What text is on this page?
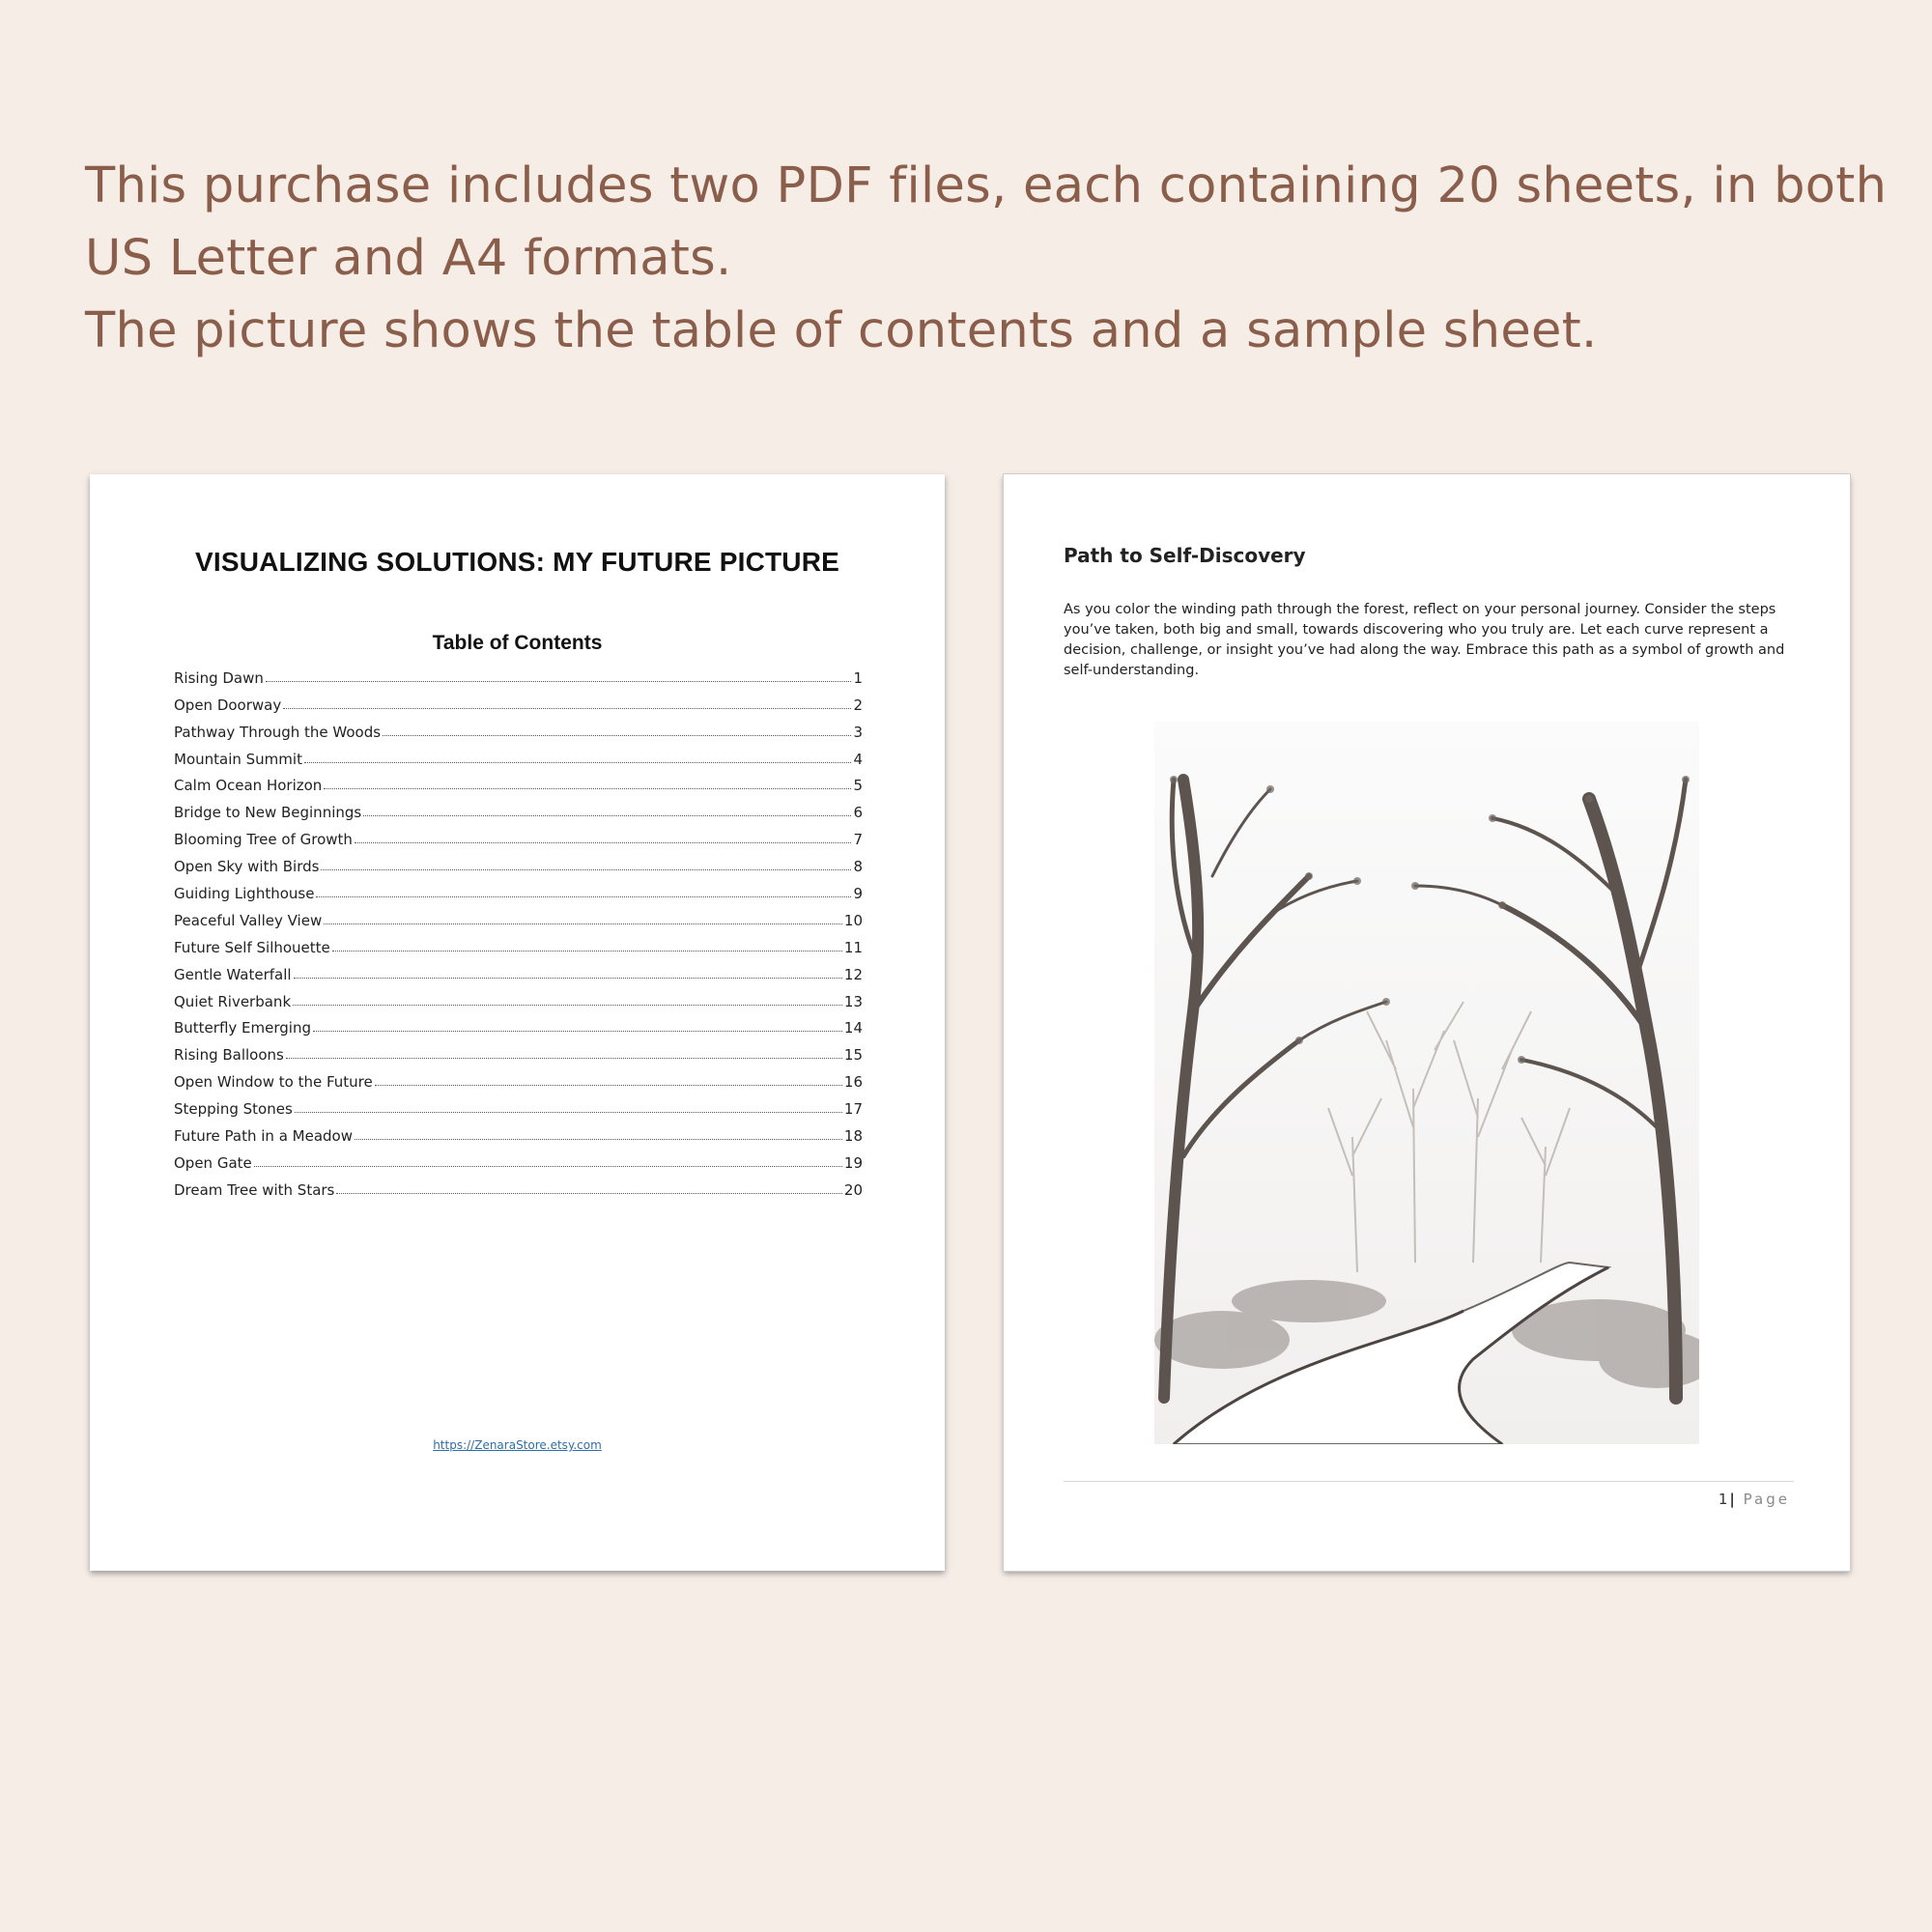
This purchase includes two PDF files, each containing 20 sheets, in both
US Letter and A4 formats.
The picture shows the table of contents and a sample sheet.
VISUALIZING SOLUTIONS: MY FUTURE PICTURE
Table of Contents
Rising Dawn	1
Open Doorway	2
Pathway Through the Woods	3
Mountain Summit	4
Calm Ocean Horizon	5
Bridge to New Beginnings	6
Blooming Tree of Growth	7
Open Sky with Birds	8
Guiding Lighthouse	9
Peaceful Valley View	10
Future Self Silhouette	11
Gentle Waterfall	12
Quiet Riverbank	13
Butterfly Emerging	14
Rising Balloons	15
Open Window to the Future	16
Stepping Stones	17
Future Path in a Meadow	18
Open Gate	19
Dream Tree with Stars	20
https://ZenaraStore.etsy.com
Path to Self-Discovery
As you color the winding path through the forest, reflect on your personal journey. Consider the steps you’ve taken, both big and small, towards discovering who you truly are. Let each curve represent a decision, challenge, or insight you’ve had along the way. Embrace this path as a symbol of growth and self-understanding.
1| Page
